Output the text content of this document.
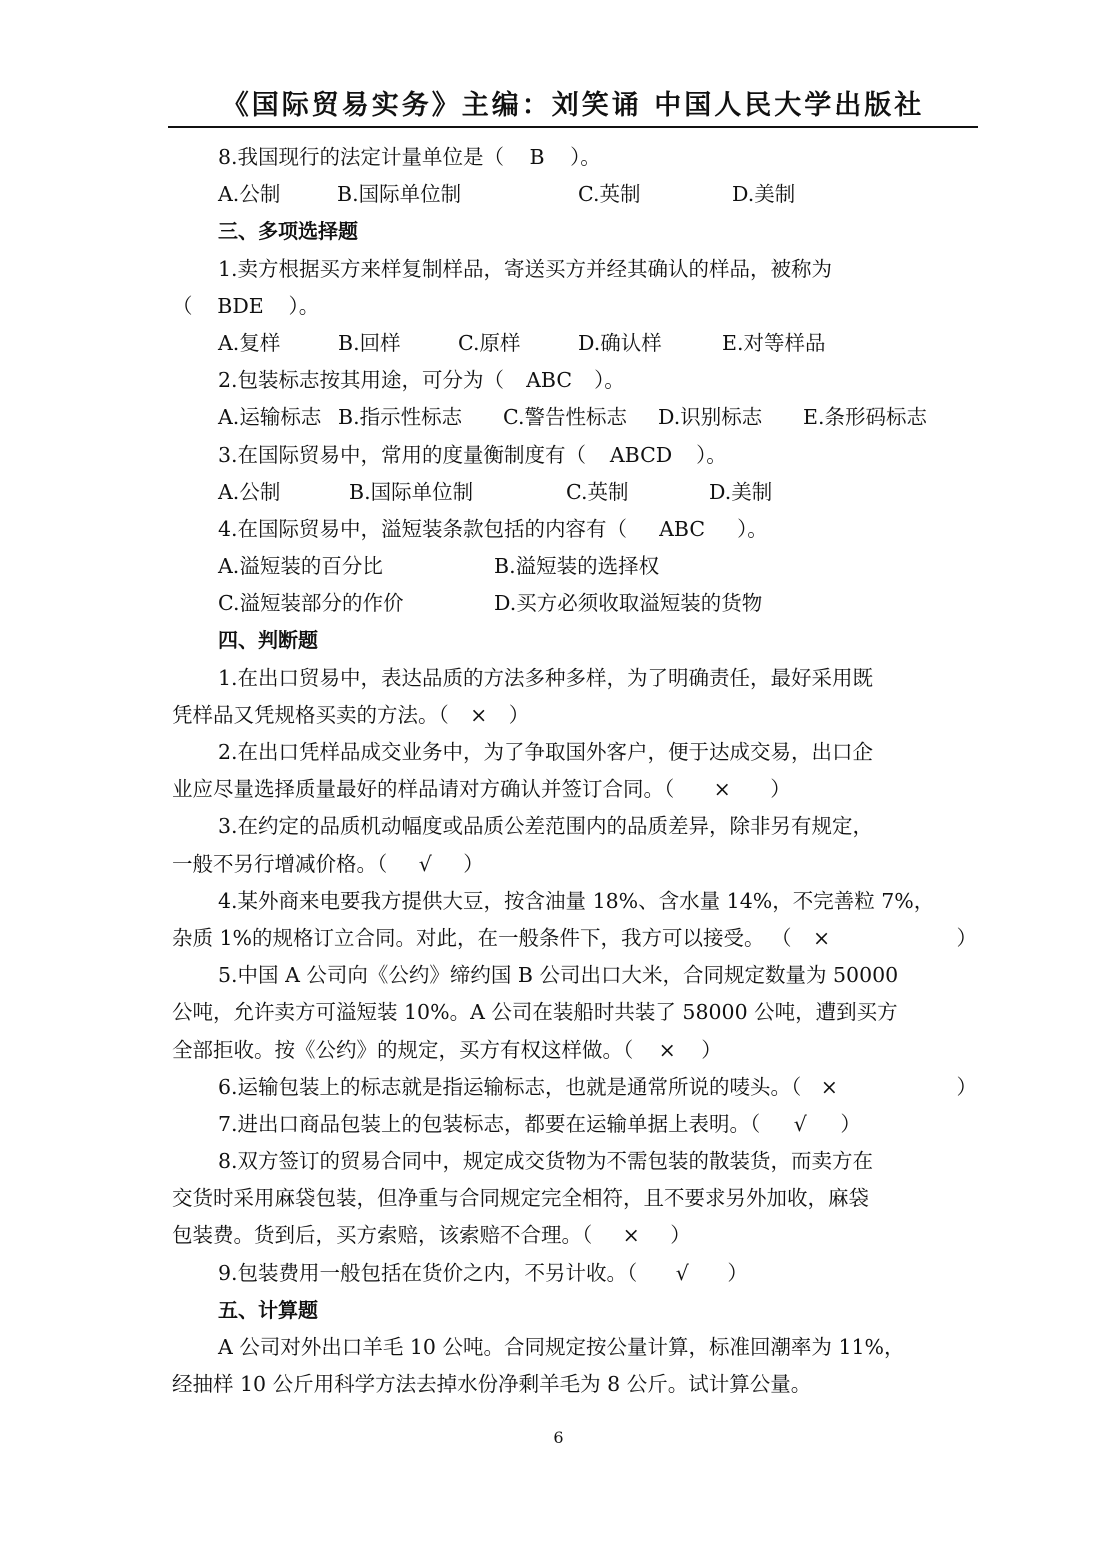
《国际贸易实务》主编：刘笑诵 中国人民大学出版社
8.我国现行的法定计量单位是（ B ）。
A.公制	B.国际单位制	C.英制	D.美制
三、多项选择题
1.卖方根据买方来样复制样品，寄送买方并经其确认的样品，被称为
（ BDE ）。
A.复样	B.回样	C.原样	D.确认样	E.对等样品
2.包装标志按其用途，可分为（ ABC ）。
A.运输标志 B.指示性标志 C.警告性标志 D.识别标志 E.条形码标志
3.在国际贸易中，常用的度量衡制度有（ ABCD ）。
A.公制	B.国际单位制	C.英制	D.美制
4.在国际贸易中，溢短装条款包括的内容有（ ABC ）。
A.溢短装的百分比	B.溢短装的选择权
C.溢短装部分的作价	D.买方必须收取溢短装的货物
四、判断题
1.在出口贸易中，表达品质的方法多种多样，为了明确责任，最好采用既
凭样品又凭规格买卖的方法。（ × ）
2.在出口凭样品成交业务中，为了争取国外客户，便于达成交易，出口企
业应尽量选择质量最好的样品请对方确认并签订合同。（ × ）
3.在约定的品质机动幅度或品质公差范围内的品质差异，除非另有规定，
一般不另行增减价格。（ √ ）
4.某外商来电要我方提供大豆，按含油量 18%、含水量 14%，不完善粒 7%，
杂质 1%的规格订立合同。对此，在一般条件下，我方可以接受。 （ ×	）
5.中国 A 公司向《公约》缔约国 B 公司出口大米，合同规定数量为 50000
公吨，允许卖方可溢短装 10%。A 公司在装船时共装了 58000 公吨，遭到买方
全部拒收。按《公约》的规定，买方有权这样做。（ × ）
6.运输包装上的标志就是指运输标志，也就是通常所说的唛头。（ ×	）
7.进出口商品包装上的包装标志，都要在运输单据上表明。（ √ ）
8.双方签订的贸易合同中，规定成交货物为不需包装的散装货，而卖方在
交货时采用麻袋包装，但净重与合同规定完全相符，且不要求另外加收，麻袋
包装费。货到后，买方索赔，该索赔不合理。（ × ）
9.包装费用一般包括在货价之内，不另计收。（ √ ）
五、计算题
A 公司对外出口羊毛 10 公吨。合同规定按公量计算，标准回潮率为 11%，
经抽样 10 公斤用科学方法去掉水份净剩羊毛为 8 公斤。试计算公量。
6
